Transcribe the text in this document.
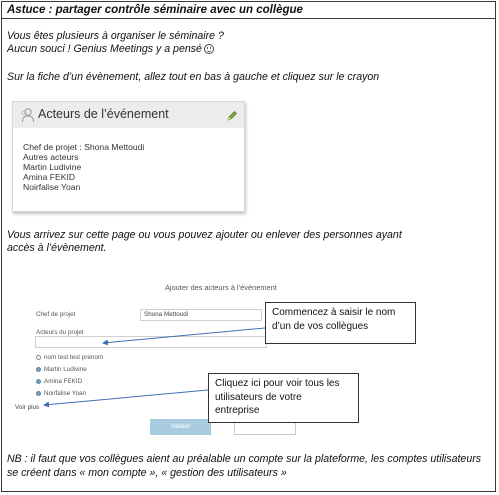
Astuce : partager contrôle séminaire avec un collègue
Vous êtes plusieurs à organiser le séminaire ?
Aucun souci ! Genius Meetings y a pensé
Sur la fiche d’un évènement, allez tout en bas à gauche et cliquez sur le crayon
Acteurs de l’événement
Chef de projet : Shona Mettoudi
Autres acteurs
Martin Ludivine
Amina FEKID
Noirfalise Yoan
Vous arrivez sur cette page ou vous pouvez ajouter ou enlever des personnes ayant
accès à l’évènement.
Ajouter des acteurs à l’événement
Chef de projet	Shona Mettoudi
Acteurs du projet
nom test test prenom
Martin Ludivine
Amina FEKID
Noirfalise Yoan
Voir plus
Valider
Commencez à saisir le nom
d’un de vos collègues
Cliquez ici pour voir tous les
utilisateurs de votre
entreprise
NB : il faut que vos collègues aient au préalable un compte sur la plateforme, les comptes utilisateurs se créent dans « mon compte », « gestion des utilisateurs »
